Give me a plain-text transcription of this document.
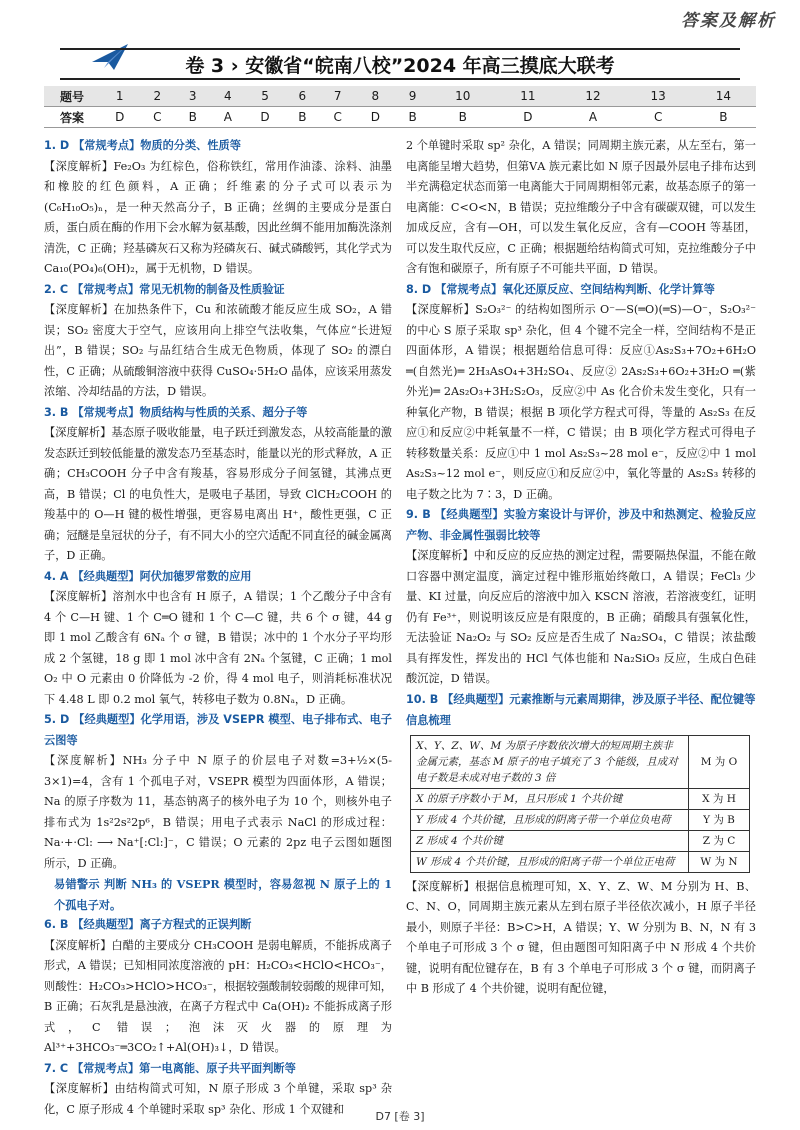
答案及解析
卷 3 › 安徽省“皖南八校”2024 年高三摸底大联考
题号	1	2	3	4	5	6	7	8	9	10	11	12	13	14
答案	D	C	B	A	D	B	C	D	B	B	D	A	C	B

1. D 【常规考点】物质的分类、性质等

【深度解析】Fe₂O₃ 为红棕色，俗称铁红，常用作油漆、涂料、油墨和橡胶的红色颜料，A 正确；纤维素的分子式可以表示为(C₆H₁₀O₅)ₙ，是一种天然高分子，B 正确；丝绸的主要成分是蛋白质，蛋白质在酶的作用下会水解为氨基酸，因此丝绸不能用加酶洗涤剂清洗，C 正确；羟基磷灰石又称为羟磷灰石、碱式磷酸钙，其化学式为 Ca₁₀(PO₄)₆(OH)₂，属于无机物，D 错误。

2. C 【常规考点】常见无机物的制备及性质验证

【深度解析】在加热条件下，Cu 和浓硫酸才能反应生成 SO₂，A 错误；SO₂ 密度大于空气，应该用向上排空气法收集，气体应“长进短出”，B 错误；SO₂ 与品红结合生成无色物质，体现了 SO₂ 的漂白性，C 正确；从硫酸铜溶液中获得 CuSO₄·5H₂O 晶体，应该采用蒸发浓缩、冷却结晶的方法，D 错误。

3. B 【常规考点】物质结构与性质的关系、超分子等

【深度解析】基态原子吸收能量，电子跃迁到激发态，从较高能量的激发态跃迁到较低能量的激发态乃至基态时，能量以光的形式释放，A 正确；CH₃COOH 分子中含有羧基，容易形成分子间氢键，其沸点更高，B 错误；Cl 的电负性大，是吸电子基团，导致 ClCH₂COOH 的羧基中的 O—H 键的极性增强，更容易电离出 H⁺，酸性更强，C 正确；冠醚是皇冠状的分子，有不同大小的空穴适配不同直径的碱金属离子，D 正确。

4. A 【经典题型】阿伏加德罗常数的应用

【深度解析】溶剂水中也含有 H 原子，A 错误；1 个乙酸分子中含有 4 个 C—H 键、1 个 C═O 键和 1 个 C—C 键，共 6 个 σ 键，44 g 即 1 mol 乙酸含有 6Nₐ 个 σ 键，B 错误；冰中的 1 个水分子平均形成 2 个氢键，18 g 即 1 mol 冰中含有 2Nₐ 个氢键，C 正确；1 mol O₂ 中 O 元素由 0 价降低为 -2 价，得 4 mol 电子，则消耗标准状况下 4.48 L 即 0.2 mol 氧气，转移电子数为 0.8Nₐ，D 正确。

5. D 【经典题型】化学用语，涉及 VSEPR 模型、电子排布式、电子云图等

【深度解析】NH₃ 分子中 N 原子的价层电子对数=3+½×(5-3×1)=4，含有 1 个孤电子对，VSEPR 模型为四面体形，A 错误；Na 的原子序数为 11，基态钠离子的核外电子为 10 个，则核外电子排布式为 1s²2s²2p⁶，B 错误；用电子式表示 NaCl 的形成过程：Na·+·Cl: ⟶ Na⁺[:Cl:]⁻，C 错误；O 元素的 2pz 电子云图如题图所示，D 正确。

易错警示 判断 NH₃ 的 VSEPR 模型时，容易忽视 N 原子上的 1 个孤电子对。

6. B 【经典题型】离子方程式的正误判断

【深度解析】白醋的主要成分 CH₃COOH 是弱电解质，不能拆成离子形式，A 错误；已知相同浓度溶液的 pH：H₂CO₃<HClO<HCO₃⁻，则酸性：H₂CO₃>HClO>HCO₃⁻，根据较强酸制较弱酸的规律可知，B 正确；石灰乳是悬浊液，在离子方程式中 Ca(OH)₂ 不能拆成离子形式，C 错误；泡沫灭火器的原理为 Al³⁺+3HCO₃⁻═3CO₂↑+Al(OH)₃↓，D 错误。

7. C 【常规考点】第一电离能、原子共平面判断等

【深度解析】由结构简式可知，N 原子形成 3 个单键，采取 sp³ 杂化，C 原子形成 4 个单键时采取 sp³ 杂化、形成 1 个双键和

2 个单键时采取 sp² 杂化，A 错误；同周期主族元素，从左至右，第一电离能呈增大趋势，但第ⅤA 族元素比如 N 原子因最外层电子排布达到半充满稳定状态而第一电离能大于同周期相邻元素，故基态原子的第一电离能：C<O<N，B 错误；克拉维酸分子中含有碳碳双键，可以发生加成反应，含有—OH，可以发生氧化反应，含有—COOH 等基团，可以发生取代反应，C 正确；根据题给结构简式可知，克拉维酸分子中含有饱和碳原子，所有原子不可能共平面，D 错误。

8. D 【常规考点】氧化还原反应、空间结构判断、化学计算等

【深度解析】S₂O₃²⁻ 的结构如图所示 O⁻—S(═O)(═S)—O⁻，S₂O₃²⁻ 的中心 S 原子采取 sp³ 杂化，但 4 个键不完全一样，空间结构不是正四面体形，A 错误；根据题给信息可得：反应①As₂S₃+7O₂+6H₂O ═(自然光)═ 2H₃AsO₄+3H₂SO₄、反应② 2As₂S₃+6O₂+3H₂O ═(紫外光)═ 2As₂O₃+3H₂S₂O₃，反应②中 As 化合价未发生变化，只有一种氧化产物，B 错误；根据 B 项化学方程式可得，等量的 As₂S₃ 在反应①和反应②中耗氧量不一样，C 错误；由 B 项化学方程式可得电子转移数量关系：反应①中 1 mol As₂S₃~28 mol e⁻，反应②中 1 mol As₂S₃~12 mol e⁻，则反应①和反应②中，氧化等量的 As₂S₃ 转移的电子数之比为 7∶3，D 正确。

9. B 【经典题型】实验方案设计与评价，涉及中和热测定、检验反应产物、非金属性强弱比较等

【深度解析】中和反应的反应热的测定过程，需要隔热保温，不能在敞口容器中测定温度，滴定过程中锥形瓶始终敞口，A 错误；FeCl₃ 少量、KI 过量，向反应后的溶液中加入 KSCN 溶液，若溶液变红，证明仍有 Fe³⁺，则说明该反应是有限度的，B 正确；硝酸具有强氧化性，无法验证 Na₂O₂ 与 SO₂ 反应是否生成了 Na₂SO₄，C 错误；浓盐酸具有挥发性，挥发出的 HCl 气体也能和 Na₂SiO₃ 反应，生成白色硅酸沉淀，D 错误。

10. B 【经典题型】元素推断与元素周期律，涉及原子半径、配位键等

信息梳理

X、Y、Z、W、M 为原子序数依次增大的短周期主族非金属元素，基态 M 原子的电子填充了 3 个能级，且成对电子数是未成对电子数的 3 倍	M 为 O
X 的原子序数小于 M，且只形成 1 个共价键	X 为 H
Y 形成 4 个共价键，且形成的阴离子带一个单位负电荷	Y 为 B
Z 形成 4 个共价键	Z 为 C
W 形成 4 个共价键，且形成的阳离子带一个单位正电荷	W 为 N

【深度解析】根据信息梳理可知，X、Y、Z、W、M 分别为 H、B、C、N、O，同周期主族元素从左到右原子半径依次减小，H 原子半径最小，则原子半径：B>C>H，A 错误；Y、W 分别为 B、N，N 有 3 个单电子可形成 3 个 σ 键，但由题图可知阳离子中 N 形成 4 个共价键，说明有配位键存在，B 有 3 个单电子可形成 3 个 σ 键，而阴离子中 B 形成了 4 个共价键，说明有配位键，

D7 [卷 3]
